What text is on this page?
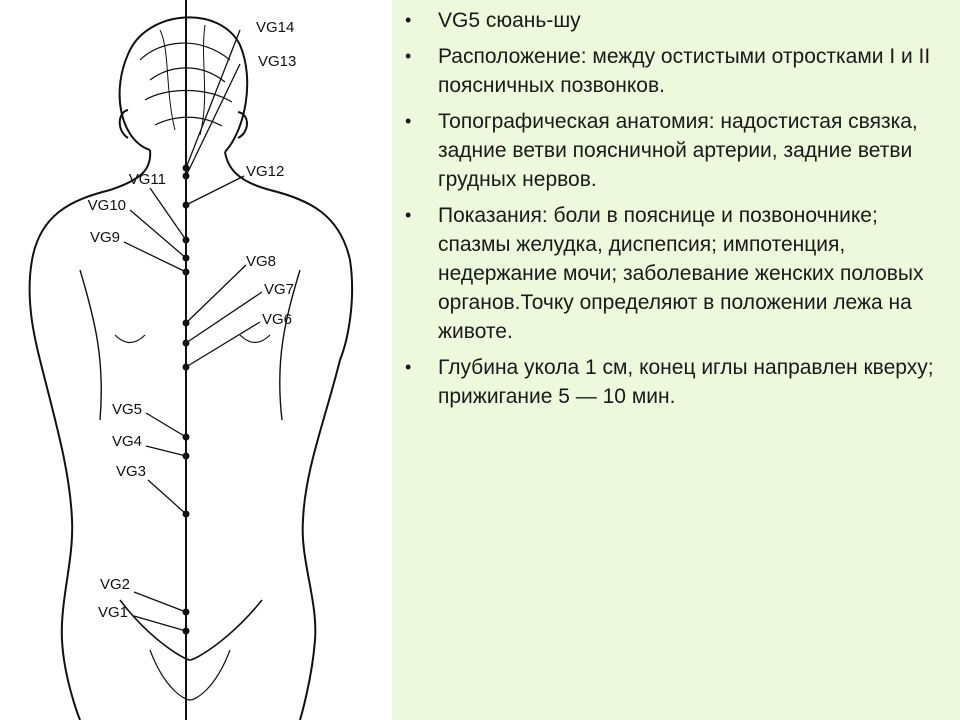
VG14
VG13
VG12
VG11
VG10
VG9
VG8
VG7
VG6
VG5
VG4
VG3
VG2
VG1
• VG5 сюань-шу
• Расположение: между остистыми отростками I и II поясничных позвонков.
• Топографическая анатомия: надостистая связка, задние ветви поясничной артерии, задние ветви грудных нервов.
• Показания: боли в пояснице и позвоночнике; спазмы желудка, диспепсия; импотенция, недержание мочи; заболевание женских половых органов.Точку определяют в положении лежа на животе.
• Глубина укола 1 см, конец иглы направлен кверху; прижигание 5 — 10 мин.
